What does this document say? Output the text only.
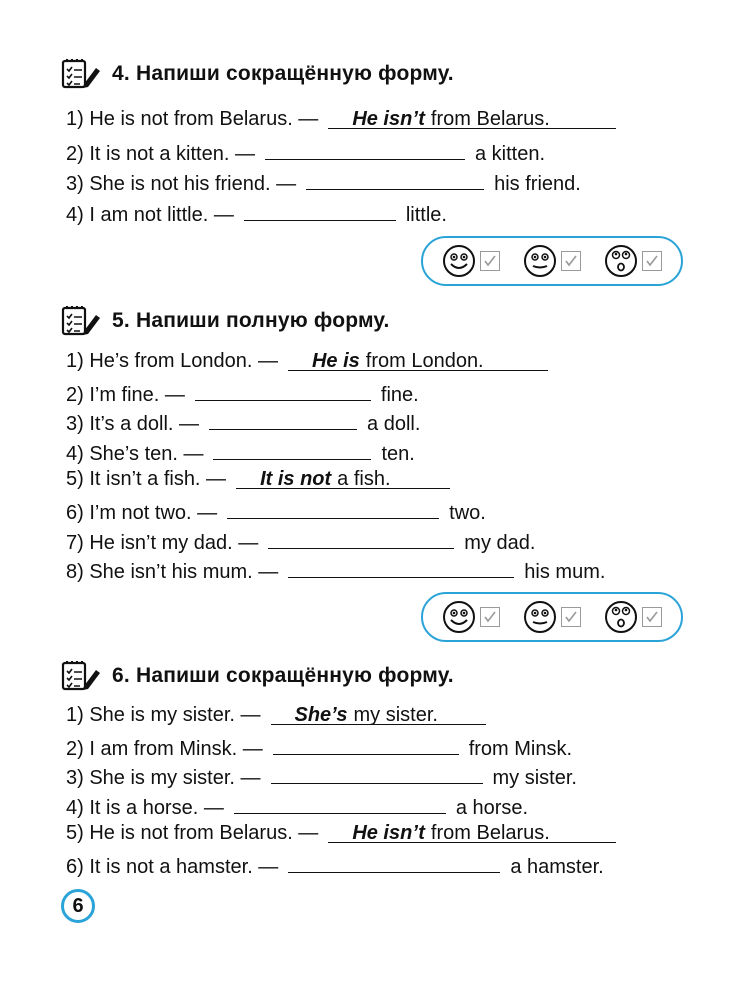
4. Напиши сокращённую форму.
1) He is not from Belarus. —	He isn’t from Belarus.
2) It is not a kitten. —	a kitten.
3) She is not his friend. —	his friend.
4) I am not little. —	little.
5. Напиши полную форму.
1) He’s from London. —	He is from London.
2) I’m fine. —	fine.
3) It’s a doll. —	a doll.
4) She’s ten. —	ten.
5) It isn’t a fish. —	It is not a fish.
6) I’m not two. —	two.
7) He isn’t my dad. —	my dad.
8) She isn’t his mum. —	his mum.
6. Напиши сокращённую форму.
1) She is my sister. —	She’s my sister.
2) I am from Minsk. —	from Minsk.
3) She is my sister. —	my sister.
4) It is a horse. —	a horse.
5) He is not from Belarus. —	He isn’t from Belarus.
6) It is not a hamster. —	a hamster.
6
